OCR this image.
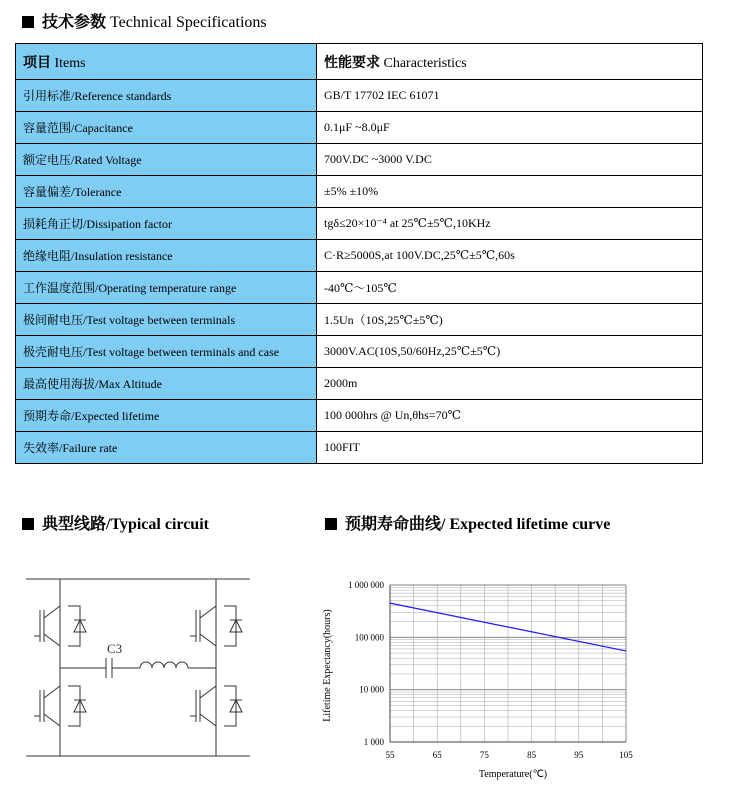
技术参数 Technical Specifications
项目 Items	性能要求 Characteristics
引用标准/Reference standards	GB/T 17702 IEC 61071
容量范围/Capacitance	0.1μF ~8.0μF
额定电压/Rated Voltage	700V.DC ~3000 V.DC
容量偏差/Tolerance	±5% ±10%
损耗角正切/Dissipation factor	tgδ≤20×10⁻⁴ at 25℃±5℃,10KHz
绝缘电阻/Insulation resistance	C·R≥5000S,at 100V.DC,25℃±5℃,60s
工作温度范围/Operating temperature range	-40℃～105℃
极间耐电压/Test voltage between terminals	1.5Un（10S,25℃±5℃)
极壳耐电压/Test voltage between terminals and case	3000V.AC(10S,50/60Hz,25℃±5℃)
最高使用海拔/Max Altitude	2000m
预期寿命/Expected lifetime	100 000hrs @ Un,θhs=70℃
失效率/Failure rate	100FIT
典型线路/Typical circuit	预期寿命曲线/ Expected lifetime curve
C3
55	65	75	85	95	105
1 000 000
100 000
10 000
1 000
Temperature(℃)
Lifetime Expectancy(hours)
